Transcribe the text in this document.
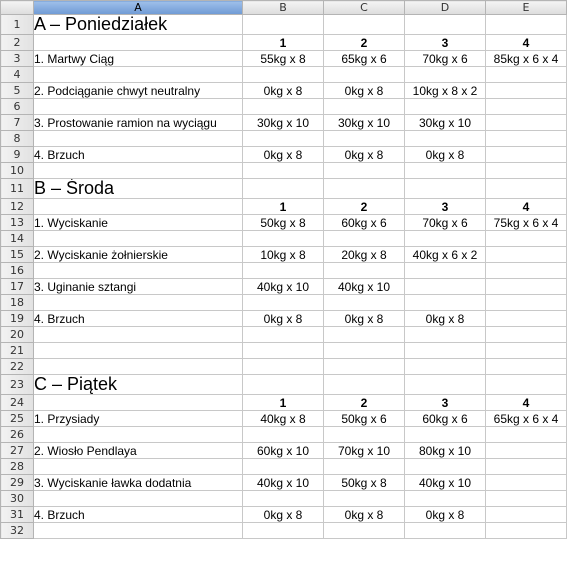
	A	B	C	D	E
1	A – Poniedziałek				
2		1	2	3	4
3	1. Martwy Ciąg	55kg x 8	65kg x 6	70kg x 6	85kg x 6 x 4
4					
5	2. Podciąganie chwyt neutralny	0kg x 8	0kg x 8	10kg x 8 x 2	
6					
7	3. Prostowanie ramion na wyciągu	30kg x 10	30kg x 10	30kg x 10	
8					
9	4. Brzuch	0kg x 8	0kg x 8	0kg x 8	
10					
11	B – Środa				
12		1	2	3	4
13	1. Wyciskanie	50kg x 8	60kg x 6	70kg x 6	75kg x 6 x 4
14					
15	2. Wyciskanie żołnierskie	10kg x 8	20kg x 8	40kg x 6 x 2	
16					
17	3. Uginanie sztangi	40kg x 10	40kg x 10		
18					
19	4. Brzuch	0kg x 8	0kg x 8	0kg x 8	
20					
21					
22					
23	C – Piątek				
24		1	2	3	4
25	1. Przysiady	40kg x 8	50kg x 6	60kg x 6	65kg x 6 x 4
26					
27	2. Wiosło Pendlaya	60kg x 10	70kg x 10	80kg x 10	
28					
29	3. Wyciskanie ławka dodatnia	40kg x 10	50kg x 8	40kg x 10	
30					
31	4. Brzuch	0kg x 8	0kg x 8	0kg x 8	
32					
